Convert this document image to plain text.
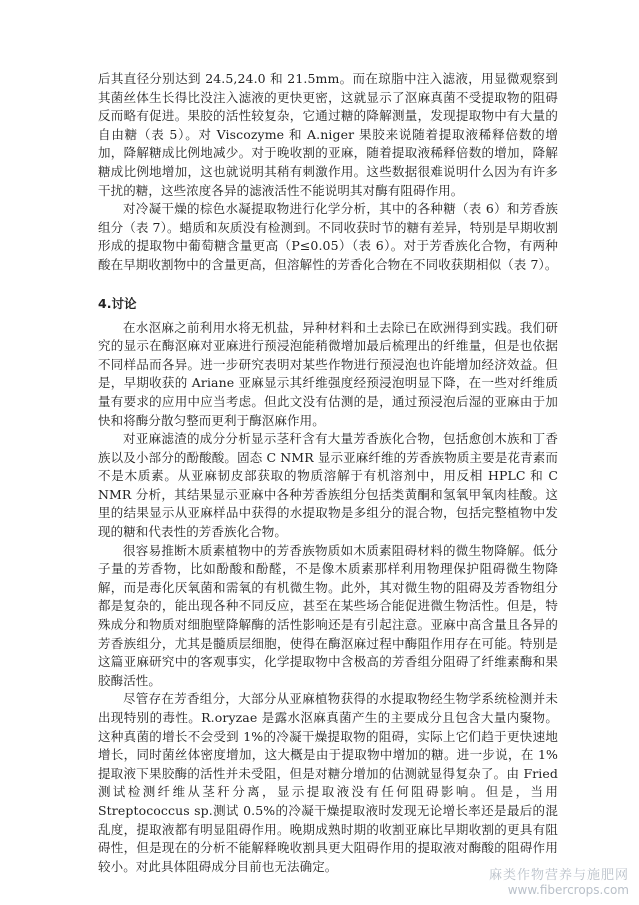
后其直径分别达到 24.5,24.0 和 21.5mm。而在琼脂中注入滤液，用显微观察到其菌丝体生长得比没注入滤液的更快更密，这就显示了沤麻真菌不受提取物的阻碍反而略有促进。果胶的活性较复杂，它通过糖的降解测量，发现提取物中有大量的自由糖（表 5）。对 Viscozyme 和 A.niger 果胶来说随着提取液稀释倍数的增加，降解糖成比例地减少。对于晚收割的亚麻，随着提取液稀释倍数的增加，降解糖成比例地增加，这也就说明其稍有刺激作用。这些数据很难说明什么因为有许多干扰的糖，这些浓度各异的滤液活性不能说明其对酶有阻碍作用。

对冷凝干燥的棕色水凝提取物进行化学分析，其中的各种糖（表 6）和芳香族组分（表 7）。蜡质和灰质没有检测到。不同收获时节的糖有差异，特别是早期收割形成的提取物中葡萄糖含量更高（P≤0.05）（表 6）。对于芳香族化合物，有两种酸在早期收割物中的含量更高，但溶解性的芳香化合物在不同收获期相似（表 7）。

4.讨论

在水沤麻之前利用水将无机盐，异种材料和土去除已在欧洲得到实践。我们研究的显示在酶沤麻对亚麻进行预浸泡能稍微增加最后梳理出的纤维量，但是也依据不同样品而各异。进一步研究表明对某些作物进行预浸泡也许能增加经济效益。但是，早期收获的 Ariane 亚麻显示其纤维强度经预浸泡明显下降，在一些对纤维质量有要求的应用中应当考虑。但此文没有估测的是，通过预浸泡后湿的亚麻由于加快和将酶分散匀整而更利于酶沤麻作用。

对亚麻滤渣的成分分析显示茎秆含有大量芳香族化合物，包括愈创木族和丁香族以及小部分的酚酸酸。固态 C NMR 显示亚麻纤维的芳香族物质主要是花青素而不是木质素。从亚麻韧皮部获取的物质溶解于有机溶剂中，用反相 HPLC 和 C NMR 分析，其结果显示亚麻中各种芳香族组分包括类黄酮和氢氧甲氧肉桂酸。这里的结果显示从亚麻样品中获得的水提取物是多组分的混合物，包括完整植物中发现的糖和代表性的芳香族化合物。

很容易推断木质素植物中的芳香族物质如木质素阻碍材料的微生物降解。低分子量的芳香物，比如酚酸和酚醛，不是像木质素那样利用物理保护阻碍微生物降解，而是毒化厌氧菌和需氧的有机微生物。此外，其对微生物的阻碍及芳香物组分都是复杂的，能出现各种不同反应，甚至在某些场合能促进微生物活性。但是，特殊成分和物质对细胞壁降解酶的活性影响还是有引起注意。亚麻中高含量且各异的芳香族组分，尤其是髓质层细胞，使得在酶沤麻过程中酶阻作用存在可能。特别是这篇亚麻研究中的客观事实，化学提取物中含极高的芳香组分阻碍了纤维素酶和果胶酶活性。

尽管存在芳香组分，大部分从亚麻植物获得的水提取物经生物学系统检测并未出现特别的毒性。R.oryzae 是露水沤麻真菌产生的主要成分且包含大量内聚物。这种真菌的增长不会受到 1%的冷凝干燥提取物的阻碍，实际上它们趋于更快速地增长，同时菌丝体密度增加，这大概是由于提取物中增加的糖。进一步说，在 1%提取液下果胶酶的活性并未受阻，但是对糖分增加的估测就显得复杂了。由 Fried 测试检测纤维从茎秆分离，显示提取液没有任何阻碍影响。但是，当用 Streptococcus sp.测试 0.5%的冷凝干燥提取液时发现无论增长率还是最后的混乱度，提取液都有明显阻碍作用。晚期成熟时期的收割亚麻比早期收割的更具有阻碍性，但是现在的分析不能解释晚收割具更大阻碍作用的提取液对酶酸的阻碍作用较小。对此具体阻碍成分目前也无法确定。

麻类作物营养与施肥网
www.fibercrops.com
